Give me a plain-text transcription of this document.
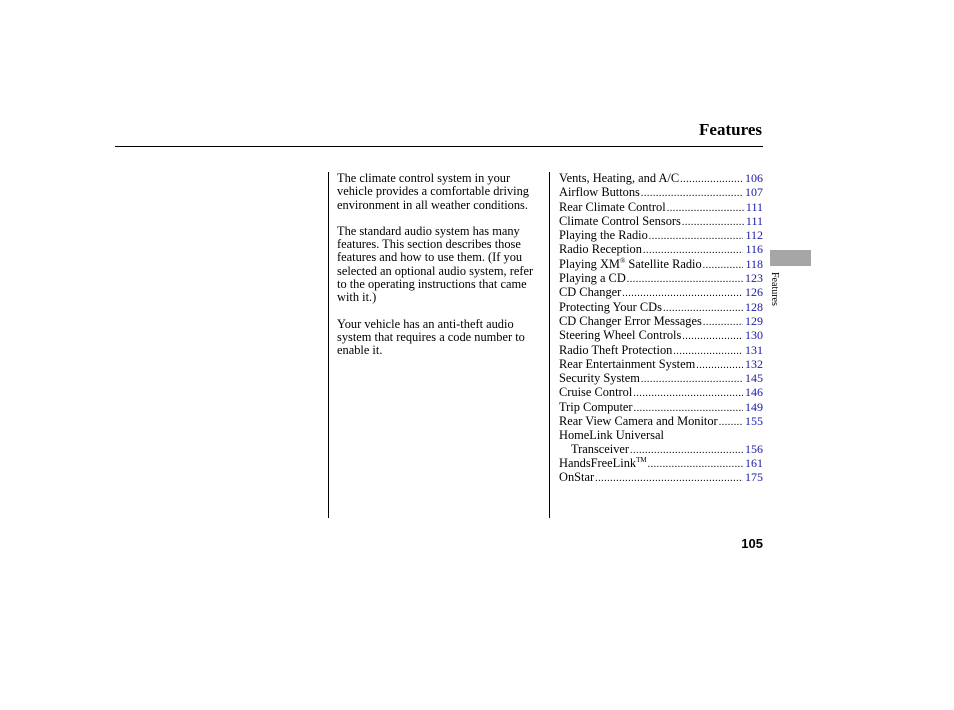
Features

The climate control system in your vehicle provides a comfortable driving environment in all weather conditions.

The standard audio system has many features. This section describes those features and how to use them. (If you selected an optional audio system, refer to the operating instructions that came with it.)

Your vehicle has an anti-theft audio system that requires a code number to enable it.

Vents, Heating, and A/C .....	106
Airflow Buttons .....	107
Rear Climate Control .....	111
Climate Control Sensors .....	111
Playing the Radio .....	112
Radio Reception .....	116
Playing XM® Satellite Radio .....	118
Playing a CD .....	123
CD Changer .....	126
Protecting Your CDs .....	128
CD Changer Error Messages .....	129
Steering Wheel Controls .....	130
Radio Theft Protection .....	131
Rear Entertainment System .....	132
Security System .....	145
Cruise Control .....	146
Trip Computer .....	149
Rear View Camera and Monitor ..... 155
HomeLink Universal
Transceiver .....	156
HandsFreeLink™ .....	161
OnStar .....	175
Features
105
